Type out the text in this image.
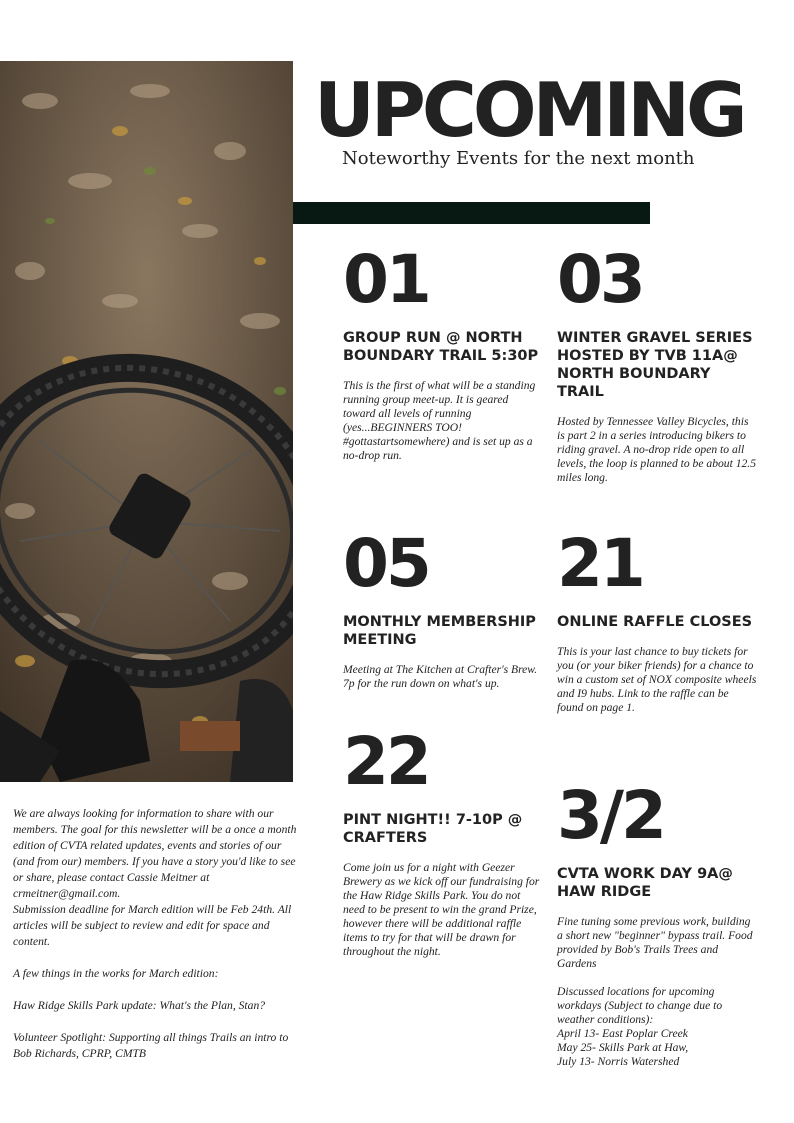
UPCOMING
Noteworthy Events for the next month
01
GROUP RUN @ NORTH BOUNDARY TRAIL 5:30P
This is the first of what will be a standing running group meet-up. It is geared toward all levels of running (yes...BEGINNERS TOO! #gottastartsomewhere) and is set up as a no-drop run.
03
WINTER GRAVEL SERIES HOSTED BY TVB 11A@ NORTH BOUNDARY TRAIL
Hosted by Tennessee Valley Bicycles, this is part 2 in a series introducing bikers to riding gravel. A no-drop ride open to all levels, the loop is planned to be about 12.5 miles long.
05
MONTHLY MEMBERSHIP MEETING
Meeting at The Kitchen at Crafter's Brew. 7p for the run down on what's up.
21
ONLINE RAFFLE CLOSES
This is your last chance to buy tickets for you (or your biker friends) for a chance to win a custom set of NOX composite wheels and I9 hubs. Link to the raffle can be found on page 1.
22
PINT NIGHT!! 7-10P @ CRAFTERS
Come join us for a night with Geezer Brewery as we kick off our fundraising for the Haw Ridge Skills Park. You do not need to be present to win the grand Prize, however there will be additional raffle items to try for that will be drawn for throughout the night.
3/2
CVTA WORK DAY 9A@ HAW RIDGE
Fine tuning some previous work, building a short new "beginner" bypass trail. Food provided by Bob's Trails Trees and Gardens

Discussed locations for upcoming workdays (Subject to change due to weather conditions):
April 13- East Poplar Creek
May 25- Skills Park at Haw,
July 13- Norris Watershed
We are always looking for information to share with our members. The goal for this newsletter will be a once a month edition of CVTA related updates, events and stories of our (and from our) members. If you have a story you'd like to see or share, please contact Cassie Meitner at crmeitner@gmail.com.
Submission deadline for March edition will be Feb 24th. All articles will be subject to review and edit for space and content.

A few things in the works for March edition:

Haw Ridge Skills Park update: What's the Plan, Stan?

Volunteer Spotlight: Supporting all things Trails an intro to Bob Richards, CPRP, CMTB
